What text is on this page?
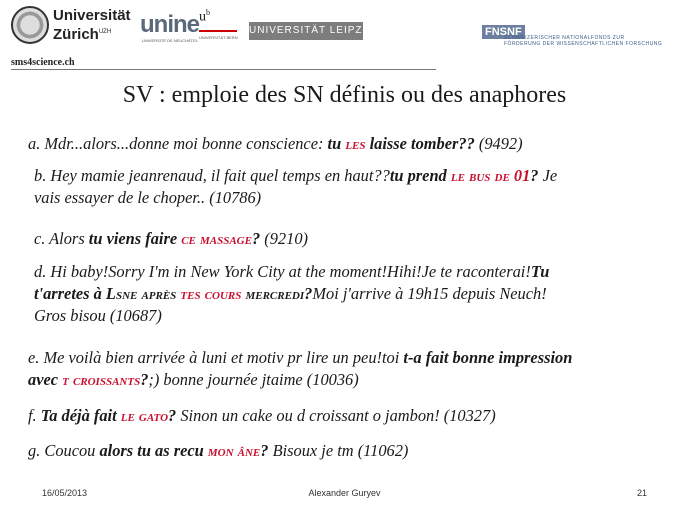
Universität
Zürich$^{UZH}$	unine
UNIVERSITÉ DE NEUCHÂTEL
$u^b$
UNIVERSITÄT BERN
UNIVERSITÄT LEIPZIG
sms4science.ch
FNSNF
SCHWEIZERISCHER NATIONALFONDS ZUR
FÖRDERUNG DER WISSENSCHAFTLICHEN FORSCHUNG
SV : emploie des SN définis ou des anaphores

a. Mdr...alors...donne moi bonne conscience: tu les laisse tomber?? (9492)

b. Hey mamie jeanrenaud, il fait quel temps en haut??tu prend le bus de 01? Je
vais essayer de le choper.. (10786)

c. Alors tu viens faire ce massage? (9210)

d. Hi baby!Sorry I'm in New York City at the moment!Hihi!Je te raconterai!Tu
t'arretes à Lsne après tes cours mercredi?Moi j'arrive à 19h15 depuis Neuch!
Gros bisou (10687)

e. Me voilà bien arrivée à luni et motiv pr lire un peu!toi t-a fait bonne impression
avec t croissants?;) bonne journée jtaime (10036)

f. Ta déjà fait le gato? Sinon un cake ou d croissant o jambon! (10327)

g. Coucou alors tu as recu mon âne? Bisoux je tm (11062)

16/05/2013	Alexander Guryev	21
